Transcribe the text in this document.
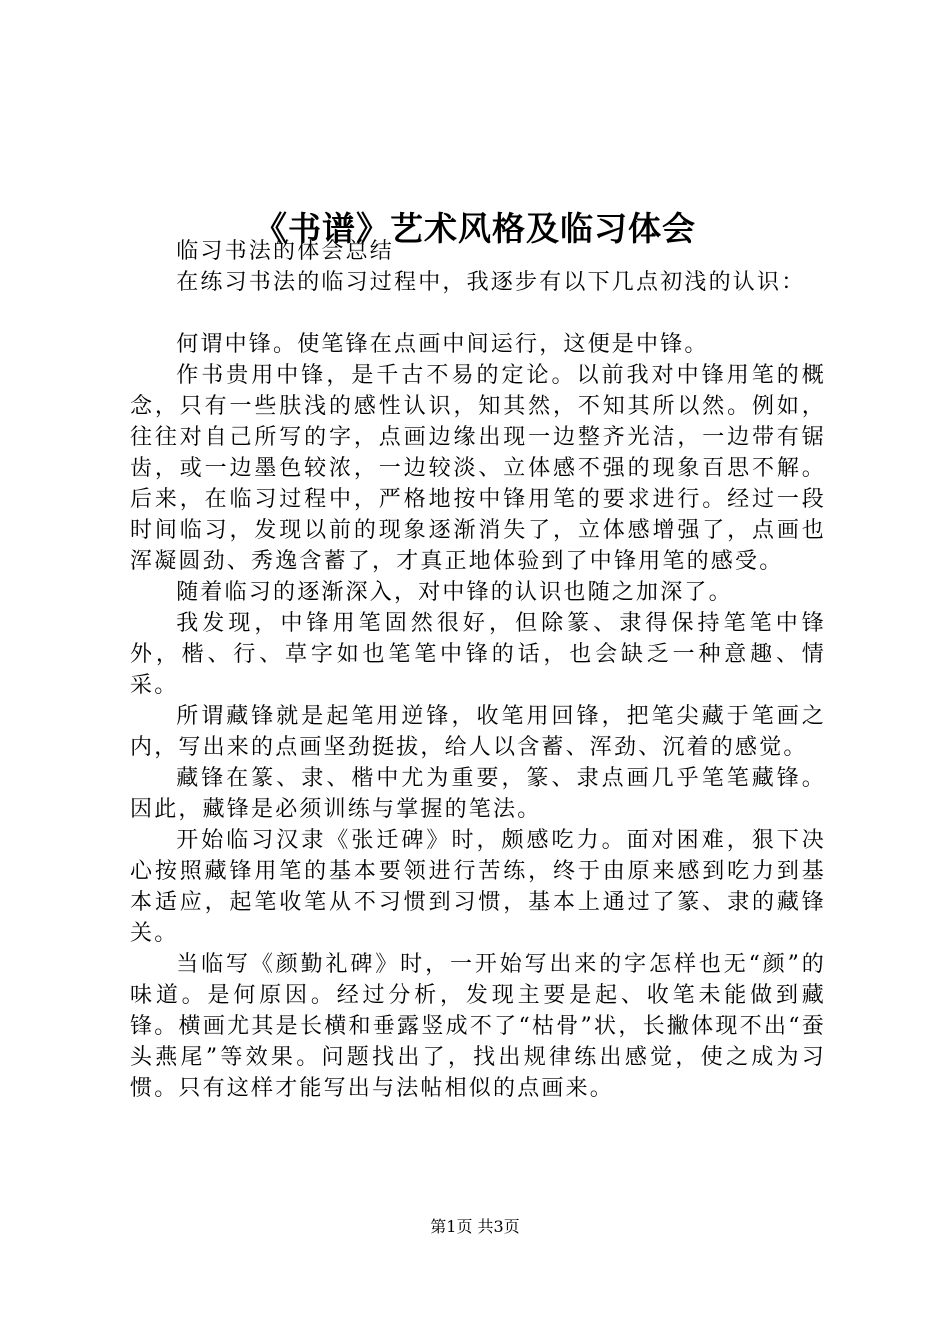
《书谱》艺术风格及临习体会

临习书法的体会总结

在练习书法的临习过程中，我逐步有以下几点初浅的认识：

何谓中锋。使笔锋在点画中间运行，这便是中锋。

作书贵用中锋，是千古不易的定论。以前我对中锋用笔的概念，只有一些肤浅的感性认识，知其然，不知其所以然。例如，往往对自己所写的字，点画边缘出现一边整齐光洁，一边带有锯齿，或一边墨色较浓，一边较淡、立体感不强的现象百思不解。后来，在临习过程中，严格地按中锋用笔的要求进行。经过一段时间临习，发现以前的现象逐渐消失了，立体感增强了，点画也浑凝圆劲、秀逸含蓄了，才真正地体验到了中锋用笔的感受。

随着临习的逐渐深入，对中锋的认识也随之加深了。

我发现，中锋用笔固然很好，但除篆、隶得保持笔笔中锋外，楷、行、草字如也笔笔中锋的话，也会缺乏一种意趣、情采。

所谓藏锋就是起笔用逆锋，收笔用回锋，把笔尖藏于笔画之内，写出来的点画坚劲挺拔，给人以含蓄、浑劲、沉着的感觉。

藏锋在篆、隶、楷中尤为重要，篆、隶点画几乎笔笔藏锋。因此，藏锋是必须训练与掌握的笔法。

开始临习汉隶《张迁碑》时，颇感吃力。面对困难，狠下决心按照藏锋用笔的基本要领进行苦练，终于由原来感到吃力到基本适应，起笔收笔从不习惯到习惯，基本上通过了篆、隶的藏锋关。

当临写《颜勤礼碑》时，一开始写出来的字怎样也无“颜”的味道。是何原因。经过分析，发现主要是起、收笔未能做到藏锋。横画尤其是长横和垂露竖成不了“枯骨”状，长撇体现不出“蚕头燕尾”等效果。问题找出了，找出规律练出感觉，使之成为习惯。只有这样才能写出与法帖相似的点画来。

第1页 共3页
